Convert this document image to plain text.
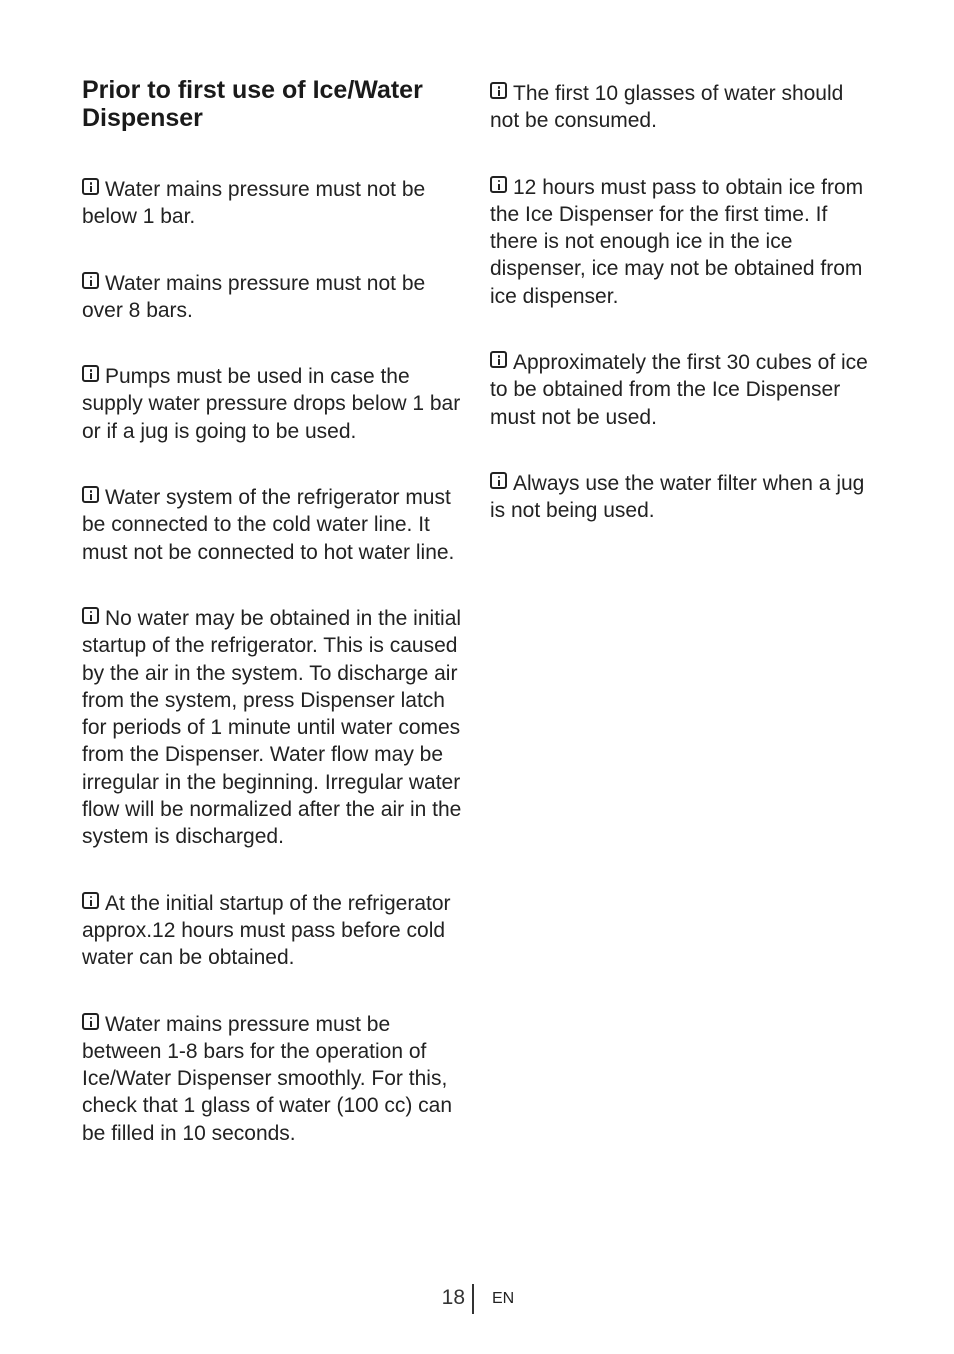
Prior to first use of Ice/Water Dispenser

Water mains pressure must not be below 1 bar.

Water mains pressure must not be over 8 bars.

Pumps must be used in case the supply water pressure drops below 1 bar or if a jug is going to be used.

Water system of the refrigerator must be connected to the cold water line. It must not be connected to hot water line.

No water may be obtained in the initial startup of the refrigerator. This is caused by the air in the system. To discharge air from the system, press Dispenser latch for periods of 1 minute until water comes from the Dispenser. Water flow may be irregular in the beginning. Irregular water flow will be normalized after the air in the system is discharged.

At the initial startup of the refrigerator approx.12 hours must pass before cold water can be obtained.

Water mains pressure must be between 1-8 bars for the operation of Ice/Water Dispenser smoothly. For this, check that 1 glass of water (100 cc) can be filled in 10 seconds.

The first 10 glasses of water should not be consumed.

12 hours must pass to obtain ice from the Ice Dispenser for the first time. If there is not enough ice in the ice dispenser, ice may not be obtained from ice dispenser.

Approximately the first 30 cubes of ice to be obtained from the Ice Dispenser must not be used.

Always use the water filter when a jug is not being used.

18 EN
